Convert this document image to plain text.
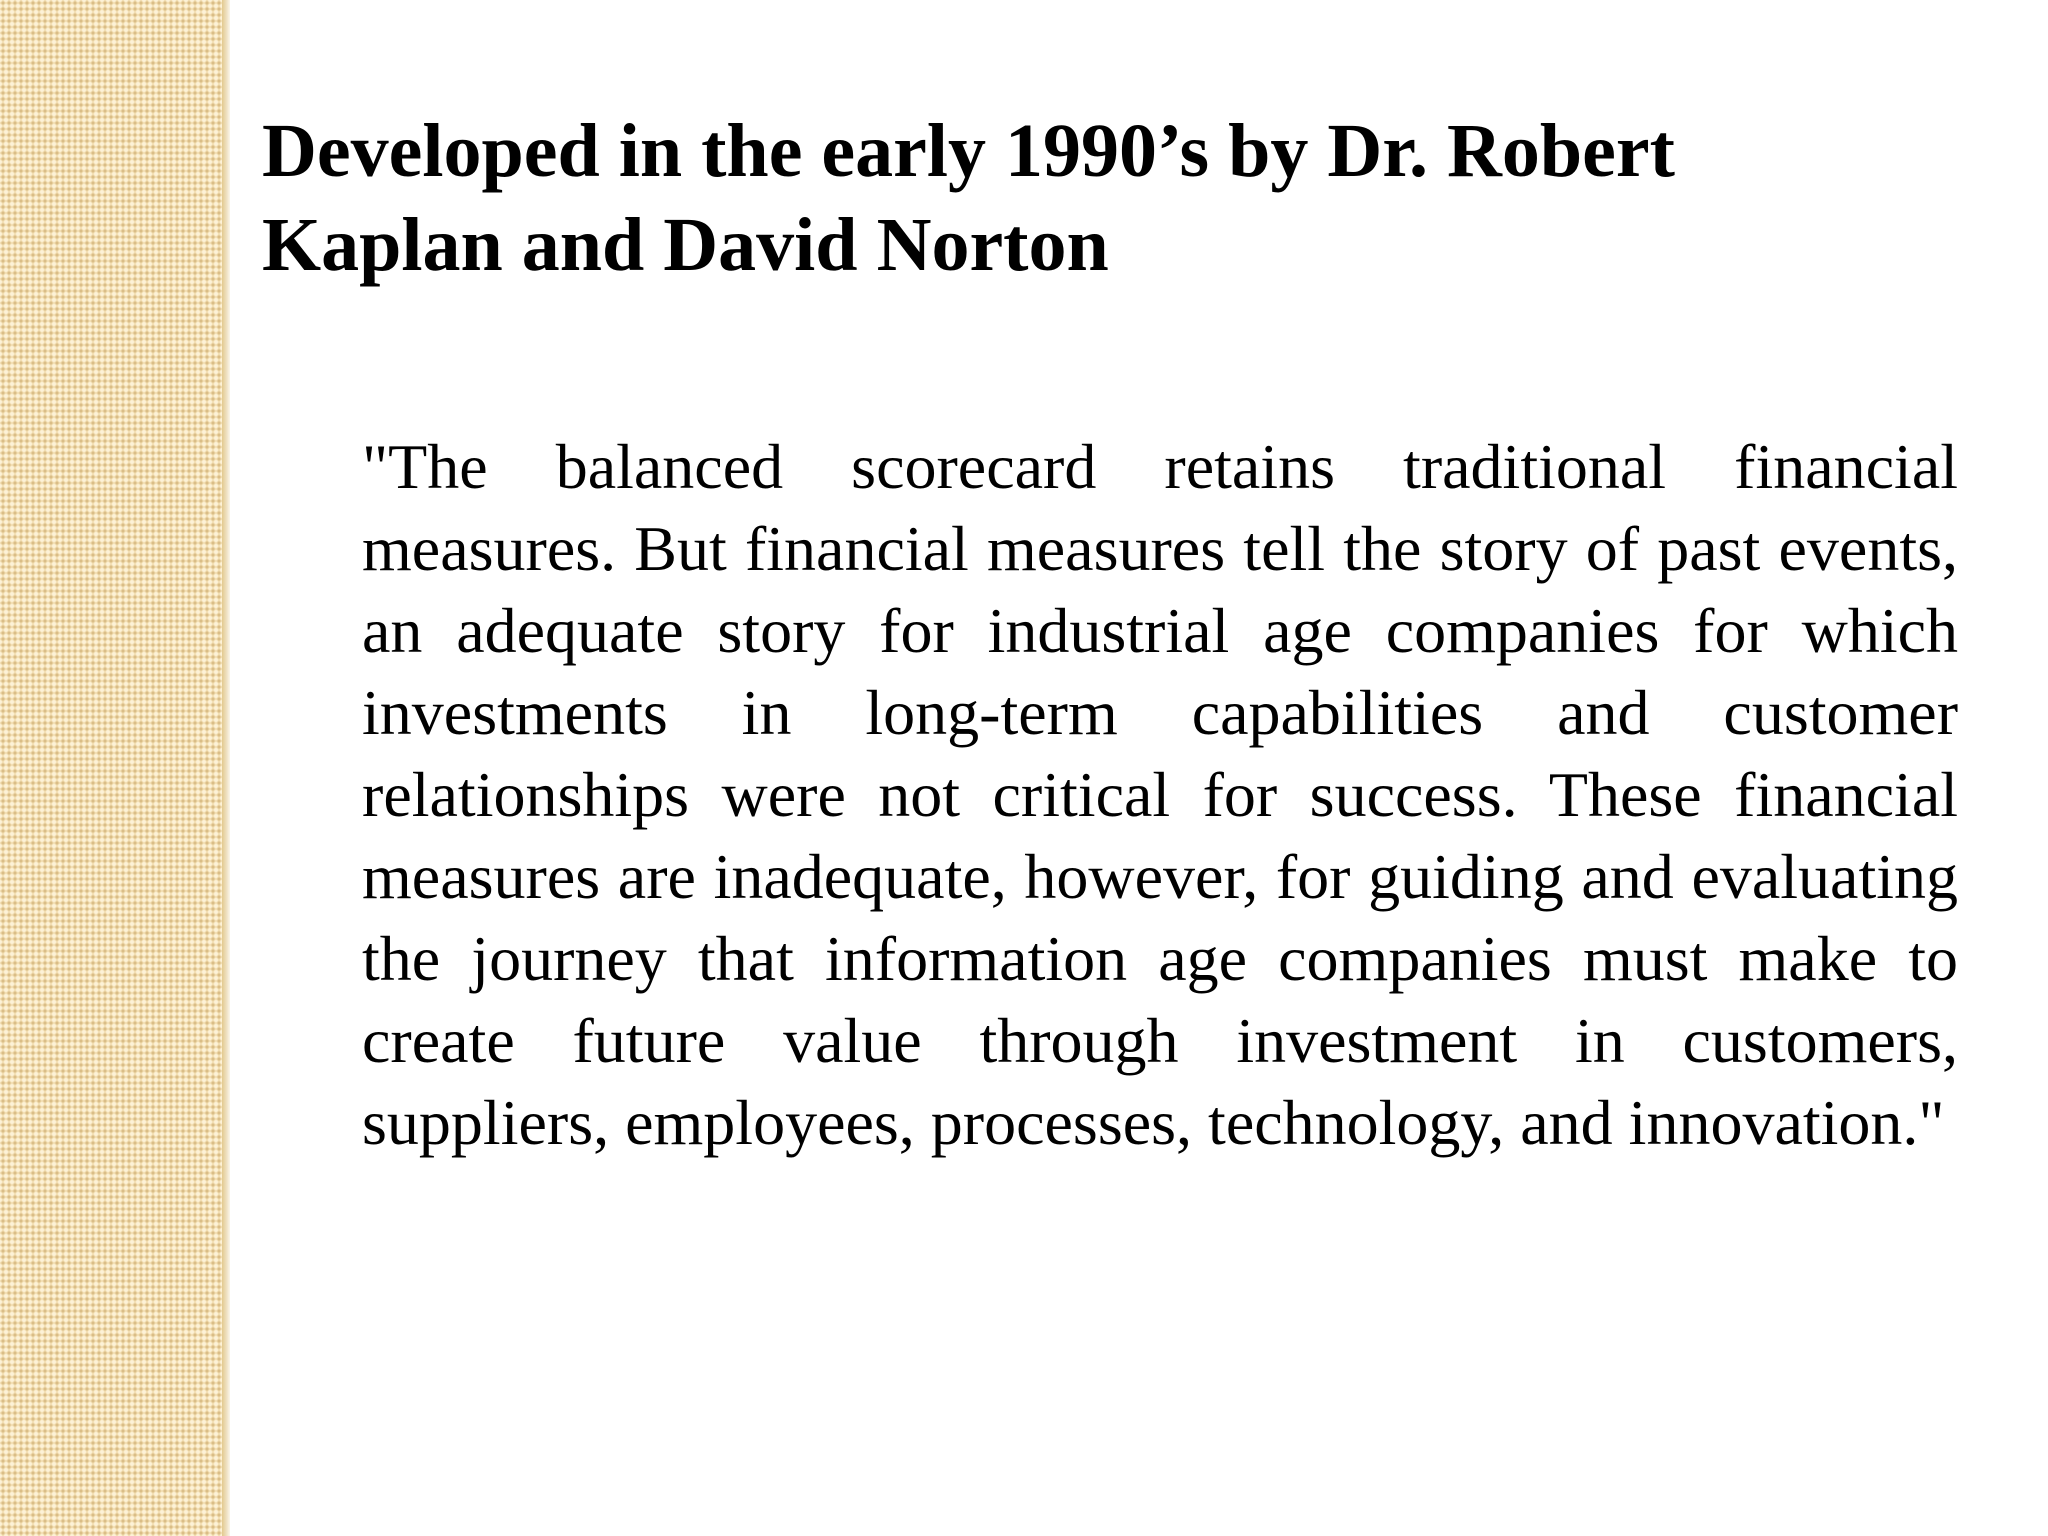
Developed in the early 1990’s by Dr. Robert Kaplan and David Norton

"The balanced scorecard retains traditional financial measures. But financial measures tell the story of past events, an adequate story for industrial age companies for which investments in long-term capabilities and customer relationships were not critical for success. These financial measures are inadequate, however, for guiding and evaluating the journey that information age companies must make to create future value through investment in customers, suppliers, employees, processes, technology, and innovation."
